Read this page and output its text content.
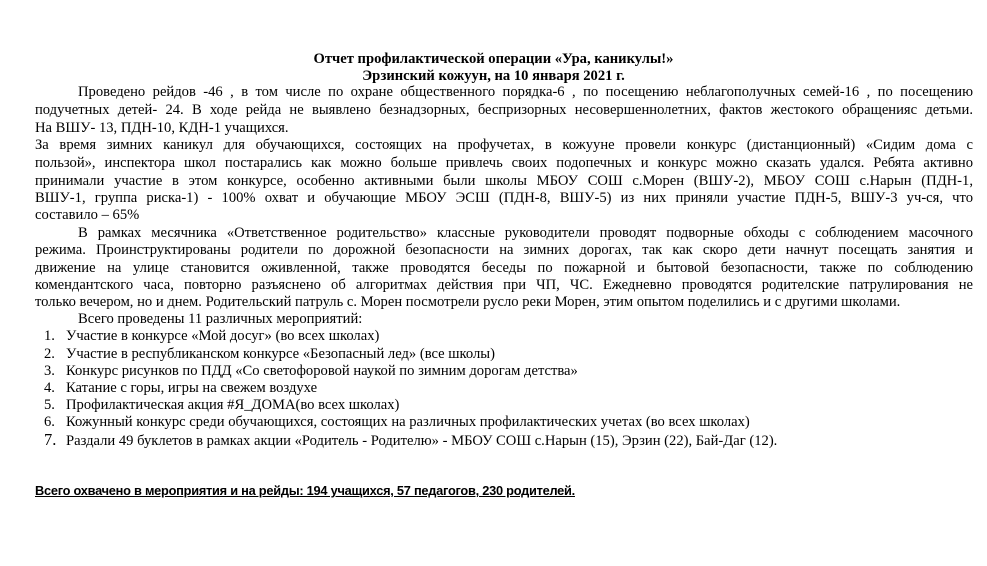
Отчет профилактической операции «Ура, каникулы!»
Эрзинский кожуун, на 10 января 2021 г.
Проведено рейдов -46 , в том числе по охране общественного порядка-6 , по посещению неблагополучных семей-16 , по посещению
подучетных детей- 24. В ходе рейда не выявлено безнадзорных, беспризорных несовершеннолетних, фактов жестокого обращенияс детьми.
На ВШУ- 13, ПДН-10, КДН-1 учащихся.
За время зимних каникул для обучающихся, состоящих на профучетах, в кожууне провели конкурс (дистанционный) «Сидим дома с
пользой», инспектора школ постарались как можно больше привлечь своих подопечных и конкурс можно сказать удался. Ребята активно
принимали участие в этом конкурсе, особенно активными были школы МБОУ СОШ с.Морен (ВШУ-2), МБОУ СОШ с.Нарын (ПДН-1,
ВШУ-1, группа риска-1) - 100% охват и обучающие МБОУ ЭСШ (ПДН-8, ВШУ-5) из них приняли участие ПДН-5, ВШУ-3 уч-ся, что
составило – 65%
В рамках месячника «Ответственное родительство» классные руководители проводят подворные обходы с соблюдением масочного
режима. Проинструктированы родители по дорожной безопасности на зимних дорогах, так как скоро дети начнут посещать занятия и
движение на улице становится оживленной, также проводятся беседы по пожарной и бытовой безопасности, также по соблюдению
комендантского часа, повторно разъяснено об алгоритмах действия при ЧП, ЧС. Ежедневно проводятся родителские патрулирования не
только вечером, но и днем. Родительский патруль с. Морен посмотрели русло реки Морен, этим опытом поделились и с другими школами.
Всего проведены 11 различных мероприятий:
1. Участие в конкурсе «Мой досуг» (во всех школах)
2. Участие в республиканском конкурсе «Безопасный лед» (все школы)
3. Конкурс рисунков по ПДД «Со светофоровой наукой по зимним дорогам детства»
4. Катание с горы, игры на свежем воздухе
5. Профилактическая акция #Я_ДОМА(во всех школах)
6. Кожунный конкурс среди обучающихся, состоящих на различных профилактических учетах (во всех школах)
7. Раздали 49 буклетов в рамках акции «Родитель - Родителю» - МБОУ СОШ с.Нарын (15), Эрзин (22), Бай-Даг (12).
Всего охвачено в мероприятия и на рейды: 194 учащихся, 57 педагогов, 230 родителей.
